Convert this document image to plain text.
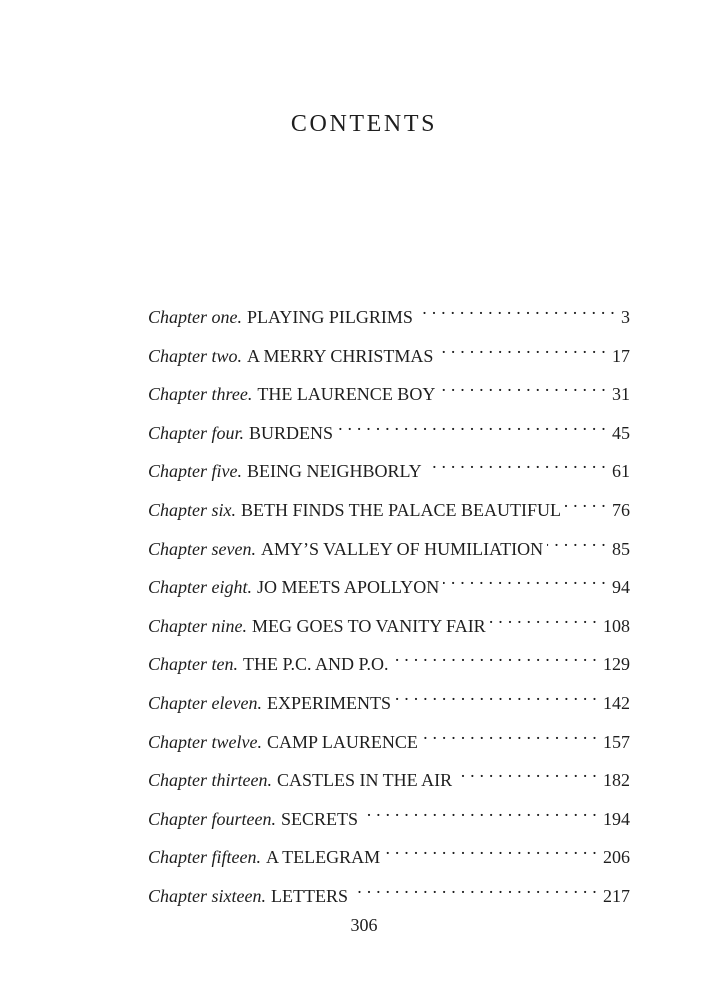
CONTENTS
Chapter one. PLAYING PILGRIMS . . .	3
Chapter two. A MERRY CHRISTMAS . . .	17
Chapter three. THE LAURENCE BOY . . .	31
Chapter four. BURDENS . . .	45
Chapter five. BEING NEIGHBORLY . . .	61
Chapter six. BETH FINDS THE PALACE BEAUTIFUL . . .	76
Chapter seven. AMY’S VALLEY OF HUMILIATION . . .	85
Chapter eight. JO MEETS APOLLYON . . .	94
Chapter nine. MEG GOES TO VANITY FAIR . . .	108
Chapter ten. THE P.C. AND P.O. . . .	129
Chapter eleven. EXPERIMENTS . . .	142
Chapter twelve. CAMP LAURENCE . . .	157
Chapter thirteen. CASTLES IN THE AIR . . .	182
Chapter fourteen. SECRETS . . .	194
Chapter fifteen. A TELEGRAM . . .	206
Chapter sixteen. LETTERS . . .	217
306
